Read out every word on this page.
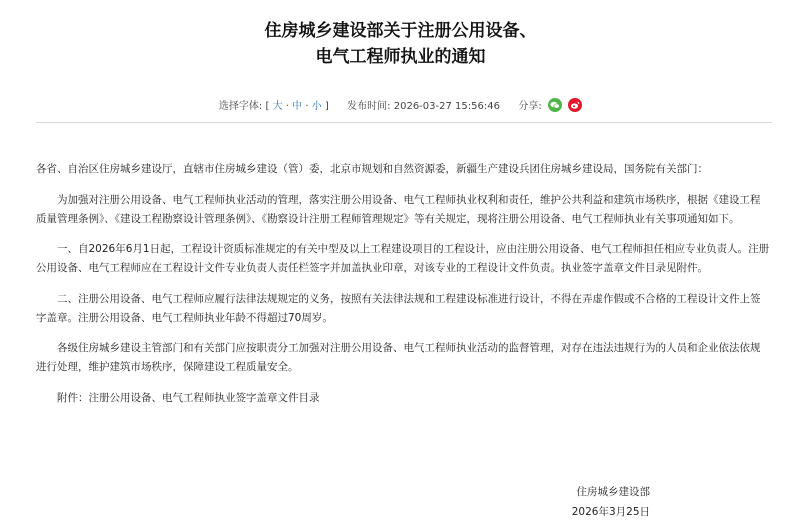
住房城乡建设部关于注册公用设备、
电气工程师执业的通知
选择字体: [ 大 · 中 · 小 ] 发布时间: 2026-03-27 15:56:46 分享:

各省、自治区住房城乡建设厅，直辖市住房城乡建设（管）委，北京市规划和自然资源委，新疆生产建设兵团住房城乡建设局，国务院有关部门：

为加强对注册公用设备、电气工程师执业活动的管理，落实注册公用设备、电气工程师执业权利和责任，维护公共利益和建筑市场秩序，根据《建设工程质量管理条例》、《建设工程勘察设计管理条例》、《勘察设计注册工程师管理规定》等有关规定，现将注册公用设备、电气工程师执业有关事项通知如下。

一、自2026年6月1日起，工程设计资质标准规定的有关中型及以上工程建设项目的工程设计，应由注册公用设备、电气工程师担任相应专业负责人。注册公用设备、电气工程师应在工程设计文件专业负责人责任栏签字并加盖执业印章，对该专业的工程设计文件负责。执业签字盖章文件目录见附件。

二、注册公用设备、电气工程师应履行法律法规规定的义务，按照有关法律法规和工程建设标准进行设计，不得在弄虚作假或不合格的工程设计文件上签字盖章。注册公用设备、电气工程师执业年龄不得超过70周岁。

各级住房城乡建设主管部门和有关部门应按职责分工加强对注册公用设备、电气工程师执业活动的监督管理，对存在违法违规行为的人员和企业依法依规进行处理，维护建筑市场秩序，保障建设工程质量安全。

附件：注册公用设备、电气工程师执业签字盖章文件目录

住房城乡建设部
2026年3月25日
